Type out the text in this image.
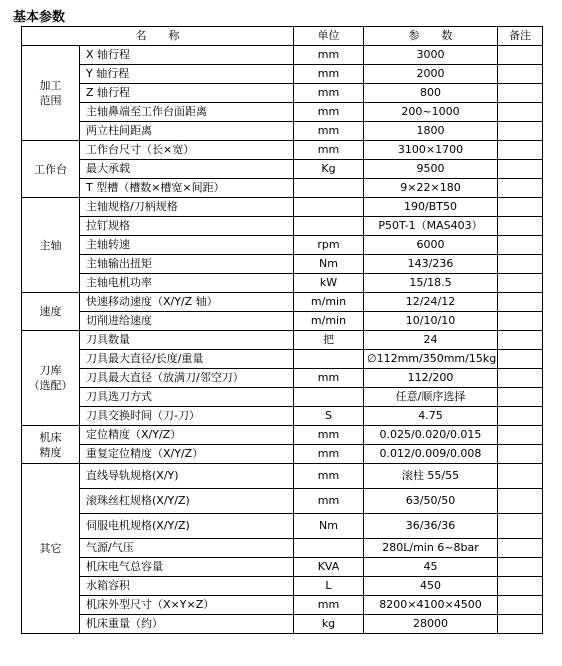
基本参数
名　　称		单位	参　　数	备注
加工
范围	X 轴行程	mm	3000	
	Y 轴行程	mm	2000	
	Z 轴行程	mm	800	
	主轴鼻端至工作台面距离	mm	200~1000	
	两立柱间距离	mm	1800	
工作台	工作台尺寸（长×宽）	mm	3100×1700	
	最大承载	Kg	9500	
	T 型槽（槽数×槽宽×间距）		9×22×180	
主轴	主轴规格/刀柄规格		190/BT50	
	拉钉规格		P50T-1（MAS403）	
	主轴转速	rpm	6000	
	主轴输出扭矩	Nm	143/236	
	主轴电机功率	kW	15/18.5	
速度	快速移动速度（X/Y/Z 轴）	m/min	12/24/12	
	切削进给速度	m/min	10/10/10	
刀库
（选配）	刀具数量	把	24	
	刀具最大直径/长度/重量		∅112mm/350mm/15kg	
	刀具最大直径（放满刀/邻空刀）	mm	112/200	
	刀具选刀方式		任意/顺序选择	
	刀具交换时间（刀-刀）	S	4.75	
机床
精度	定位精度（X/Y/Z）	mm	0.025/0.020/0.015	
	重复定位精度（X/Y/Z）	mm	0.012/0.009/0.008	
其它	直线导轨规格(X/Y)	mm	滚柱 55/55	
	滚珠丝杠规格(X/Y/Z)	mm	63/50/50	
	伺服电机规格(X/Y/Z)	Nm	36/36/36	
	气源/气压		280L/min 6~8bar	
	机床电气总容量	KVA	45	
	水箱容积	L	450	
	机床外型尺寸（X×Y×Z）	mm	8200×4100×4500	
	机床重量（约）	kg	28000	
